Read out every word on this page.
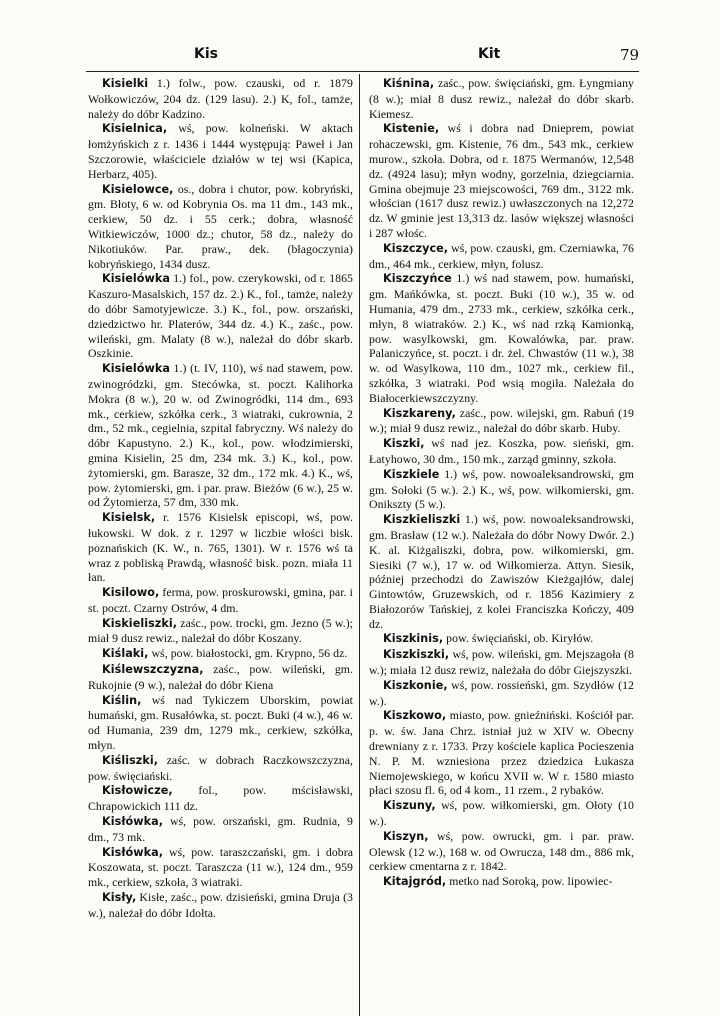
Kis	Kit	79

Kisielki 1.) folw., pow. czauski, od r. 1879 Wołkowiczów, 204 dz. (129 lasu). 2.) K, fol., tamże, należy do dóbr Kadzino.

Kisielnica, wś, pow. kolneński. W aktach łomżyńskich z r. 1436 i 1444 występują: Paweł i Jan Szczorowie, właściciele działów w tej wsi (Kapica, Herbarz, 405).

Kisielowce, os., dobra i chutor, pow. kobryński, gm. Błoty, 6 w. od Kobrynia Os. ma 11 dm., 143 mk., cerkiew, 50 dz. i 55 cerk.; dobra, własność Witkiewiczów, 1000 dz.; chutor, 58 dz., należy do Nikotiuków. Par. praw., dek. (błagoczynia) kobryńskiego, 1434 dusz.

Kisielówka 1.) fol., pow. czerykowski, od r. 1865 Kaszuro-Masalskich, 157 dz. 2.) K., fol., tamże, należy do dóbr Samotyjewicze. 3.) K., fol., pow. orszański, dziedzictwo hr. Platerów, 344 dz. 4.) K., zaśc., pow. wileński, gm. Malaty (8 w.), należał do dóbr skarb. Oszkinie.

Kisielówka 1.) (t. IV, 110), wś nad stawem, pow. zwinogródzki, gm. Stecówka, st. poczt. Kalihorka Mokra (8 w.), 20 w. od Zwinogródki, 114 dm., 693 mk., cerkiew, szkółka cerk., 3 wiatraki, cukrownia, 2 dm., 52 mk., cegielnia, szpital fabryczny. Wś należy do dóbr Kapustyno. 2.) K., kol., pow. włodzimierski, gmina Kisielin, 25 dm, 234 mk. 3.) K., kol., pow. żytomierski, gm. Barasze, 32 dm., 172 mk. 4.) K., wś, pow. żytomierski, gm. i par. praw. Bieżów (6 w.), 25 w. od Żytomierza, 57 dm, 330 mk.

Kisielsk, r. 1576 Kisielsk episcopi, wś, pow. łukowski. W dok. z r. 1297 w liczbie włości bisk. poznańskich (K. W., n. 765, 1301). W r. 1576 wś ta wraz z pobliską Prawdą, własność bisk. pozn. miała 11 łan.

Kisilowo, ferma, pow. proskurowski, gmina, par. i st. poczt. Czarny Ostrów, 4 dm.

Kiskieliszki, zaśc., pow. trocki, gm. Jezno (5 w.); miał 9 dusz rewiz., należał do dóbr Koszany.

Kiślaki, wś, pow. białostocki, gm. Krypno, 56 dz.

Kiślewszczyzna, zaśc., pow. wileński, gm. Rukojnie (9 w.), należał do dóbr Kiena

Kiślin, wś nad Tykiczem Uborskim, powiat humański, gm. Rusałówka, st. poczt. Buki (4 w.), 46 w. od Humania, 239 dm, 1279 mk., cerkiew, szkółka, młyn.

Kiśliszki, zaśc. w dobrach Raczkowszczyzna, pow. święciański.

Kisłowicze, fol., pow. mścisławski, Chrapowickich 111 dz.

Kisłówka, wś, pow. orszański, gm. Rudnia, 9 dm., 73 mk.

Kisłówka, wś, pow. taraszczański, gm. i dobra Koszowata, st. poczt. Taraszcza (11 w.), 124 dm., 959 mk., cerkiew, szkoła, 3 wiatraki.

Kisły, Kisłe, zaśc., pow. dzisieński, gmina Druja (3 w.), należał do dóbr Idołta.

Kiśnina, zaśc., pow. święciański, gm. Łyngmiany (8 w.); miał 8 dusz rewiz., należał do dóbr skarb. Kiemesz.

Kistenie, wś i dobra nad Dnieprem, powiat rohaczewski, gm. Kistenie, 76 dm., 543 mk., cerkiew murow., szkoła. Dobra, od r. 1875 Wermanów, 12,548 dz. (4924 lasu); młyn wodny, gorzelnia, dziegciarnia. Gmina obejmuje 23 miejscowości, 769 dm., 3122 mk. włościan (1617 dusz rewiz.) uwłaszczonych na 12,272 dz. W gminie jest 13,313 dz. lasów większej własności i 287 włośc.

Kiszczyce, wś, pow. czauski, gm. Czerniawka, 76 dm., 464 mk., cerkiew, młyn, folusz.

Kiszczyńce 1.) wś nad stawem, pow. humański, gm. Mańkówka, st. poczt. Buki (10 w.), 35 w. od Humania, 479 dm., 2733 mk., cerkiew, szkółka cerk., młyn, 8 wiatraków. 2.) K., wś nad rzką Kamionką, pow. wasylkowski, gm. Kowalówka, par. praw. Palaniczyńce, st. poczt. i dr. żel. Chwastów (11 w.), 38 w. od Wasylkowa, 110 dm., 1027 mk., cerkiew fil., szkółka, 3 wiatraki. Pod wsią mogiła. Należała do Białocerkiewszczyzny.

Kiszkareny, zaśc., pow. wilejski, gm. Rabuń (19 w.); miał 9 dusz rewiz., należał do dóbr skarb. Huby.

Kiszki, wś nad jez. Koszka, pow. sieński, gm. Łatyhowo, 30 dm., 150 mk., zarząd gminny, szkoła.

Kiszkiele 1.) wś, pow. nowoaleksandrowski, gm gm. Sołoki (5 w.). 2.) K., wś, pow. wiłkomierski, gm. Oniksztу (5 w.).

Kiszkieliszki 1.) wś, pow. nowoaleksandrowski, gm. Brasław (12 w.). Należała do dóbr Nowy Dwór. 2.) K. al. Kiżgaliszki, dobra, pow. wiłkomierski, gm. Siesiki (7 w.), 17 w. od Wiłkomierza. Attyn. Siesik, później przechodzi do Zawiszów Kieżgajłów, dalej Gintowtów, Gruzewskich, od r. 1856 Kazimiery z Białozorów Tańskiej, z kolei Franciszka Kończy, 409 dz.

Kiszkinis, pow. święciański, ob. Kiryłów.

Kiszkiszki, wś, pow. wileński, gm. Mejszagoła (8 w.); miała 12 dusz rewiz, należała do dóbr Giejszyszki.

Kiszkonie, wś, pow. rossieński, gm. Szydłów (12 w.).

Kiszkowo, miasto, pow. gnieźniński. Kościół par. p. w. św. Jana Chrz. istniał już w XIV w. Obecny drewniany z r. 1733. Przy kościele kaplica Pocieszenia N. P. M. wzniesiona przez dziedzica Łukasza Niemojewskiego, w końcu XVII w. W r. 1580 miasto płaci szosu fl. 6, od 4 kom., 11 rzem., 2 rybaków.

Kiszuny, wś, pow. wiłkomierski, gm. Ołoty (10 w.).

Kiszyn, wś, pow. owrucki, gm. i par. praw. Olewsk (12 w.), 168 w. od Owrucza, 148 dm., 886 mk, cerkiew cmentarna z r. 1842.

Kitajgród, metko nad Soroką, pow. lipowiec-
